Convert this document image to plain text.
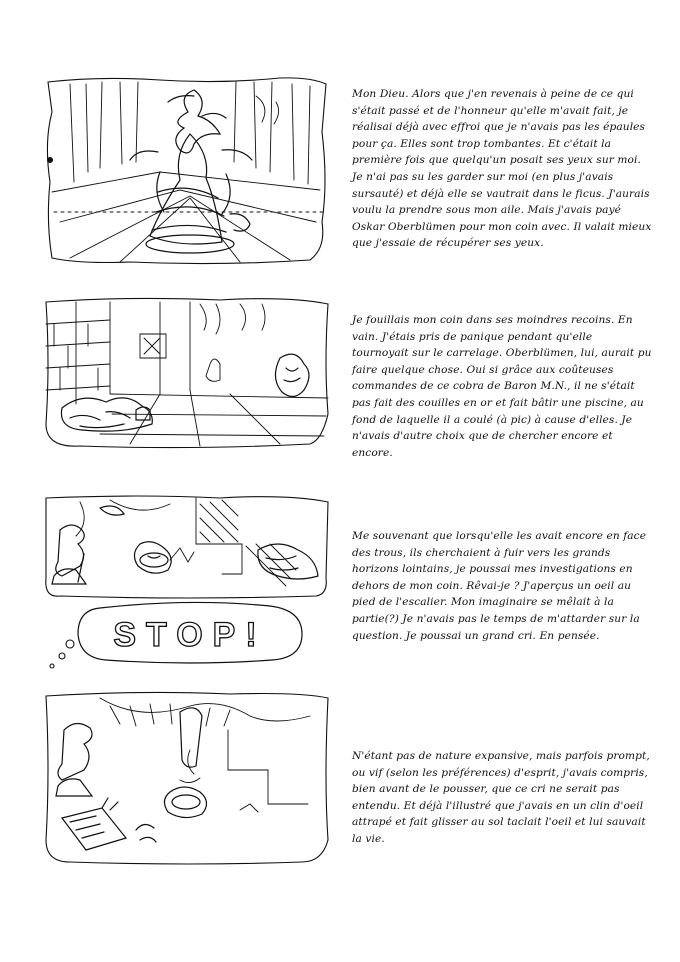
Mon Dieu. Alors que j'en revenais à peine de ce qui s'était passé et de l'honneur qu'elle m'avait fait, je réalisai déjà avec effroi que je n'avais pas les épaules pour ça. Elles sont trop tombantes. Et c'était la première fois que quelqu'un posait ses yeux sur moi. Je n'ai pas su les garder sur moi (en plus j'avais sursauté) et déjà elle se vautrait dans le ficus. J'aurais voulu la prendre sous mon aile. Mais j'avais payé Oskar Oberblümen pour mon coin avec. Il valait mieux que j'essaie de récupérer ses yeux.
Je fouillais mon coin dans ses moindres recoins. En vain. J'étais pris de panique pendant qu'elle tournoyait sur le carrelage. Oberblümen, lui, aurait pu faire quelque chose. Oui si grâce aux coûteuses commandes de ce cobra de Baron M.N., il ne s'était pas fait des couilles en or et fait bâtir une piscine, au fond de laquelle il a coulé (à pic) à cause d'elles. Je n'avais d'autre choix que de chercher encore et encore.
STOP!
Me souvenant que lorsqu'elle les avait encore en face des trous, ils cherchaient à fuir vers les grands horizons lointains, je poussai mes investigations en dehors de mon coin. Rêvai-je ? J'aperçus un oeil au pied de l'escalier. Mon imaginaire se mêlait à la partie(?) Je n'avais pas le temps de m'attarder sur la question. Je poussai un grand cri. En pensée.
N'étant pas de nature expansive, mais parfois prompt, ou vif (selon les préférences) d'esprit, j'avais compris, bien avant de le pousser, que ce cri ne serait pas entendu. Et déjà l'illustré que j'avais en un clin d'oeil attrapé et fait glisser au sol taclait l'oeil et lui sauvait la vie.
